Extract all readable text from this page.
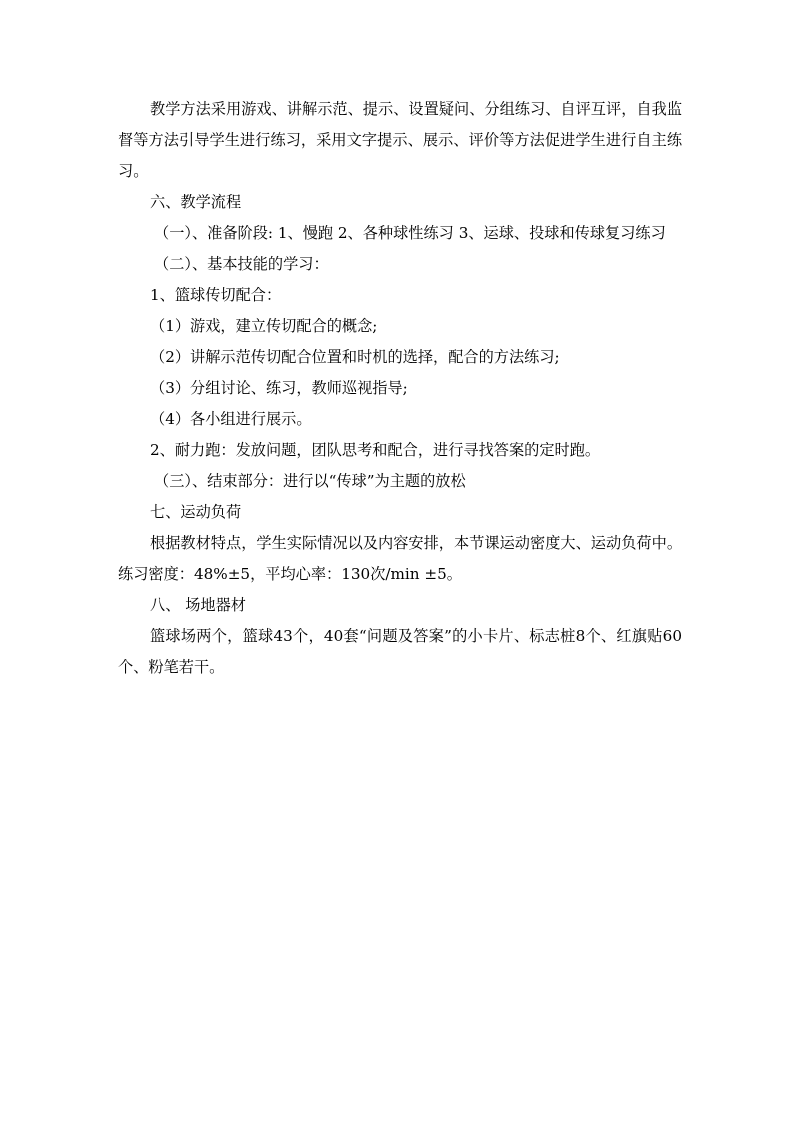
教学方法采用游戏、讲解示范、提示、设置疑问、分组练习、自评互评，自我监督等方法引导学生进行练习，采用文字提示、展示、评价等方法促进学生进行自主练习。

六、教学流程

（一）、准备阶段: 1、慢跑 2、各种球性练习 3、运球、投球和传球复习练习

（二）、基本技能的学习：

1、篮球传切配合：

（1）游戏，建立传切配合的概念;

（2）讲解示范传切配合位置和时机的选择，配合的方法练习;

（3）分组讨论、练习，教师巡视指导;

（4）各小组进行展示。

2、耐力跑：发放问题，团队思考和配合，进行寻找答案的定时跑。

（三）、结束部分：进行以“传球”为主题的放松

七、运动负荷

根据教材特点，学生实际情况以及内容安排，本节课运动密度大、运动负荷中。练习密度：48%±5，平均心率：130次/min ±5。

八、 场地器材

篮球场两个，篮球43个，40套“问题及答案”的小卡片、标志桩8个、红旗贴60个、粉笔若干。
